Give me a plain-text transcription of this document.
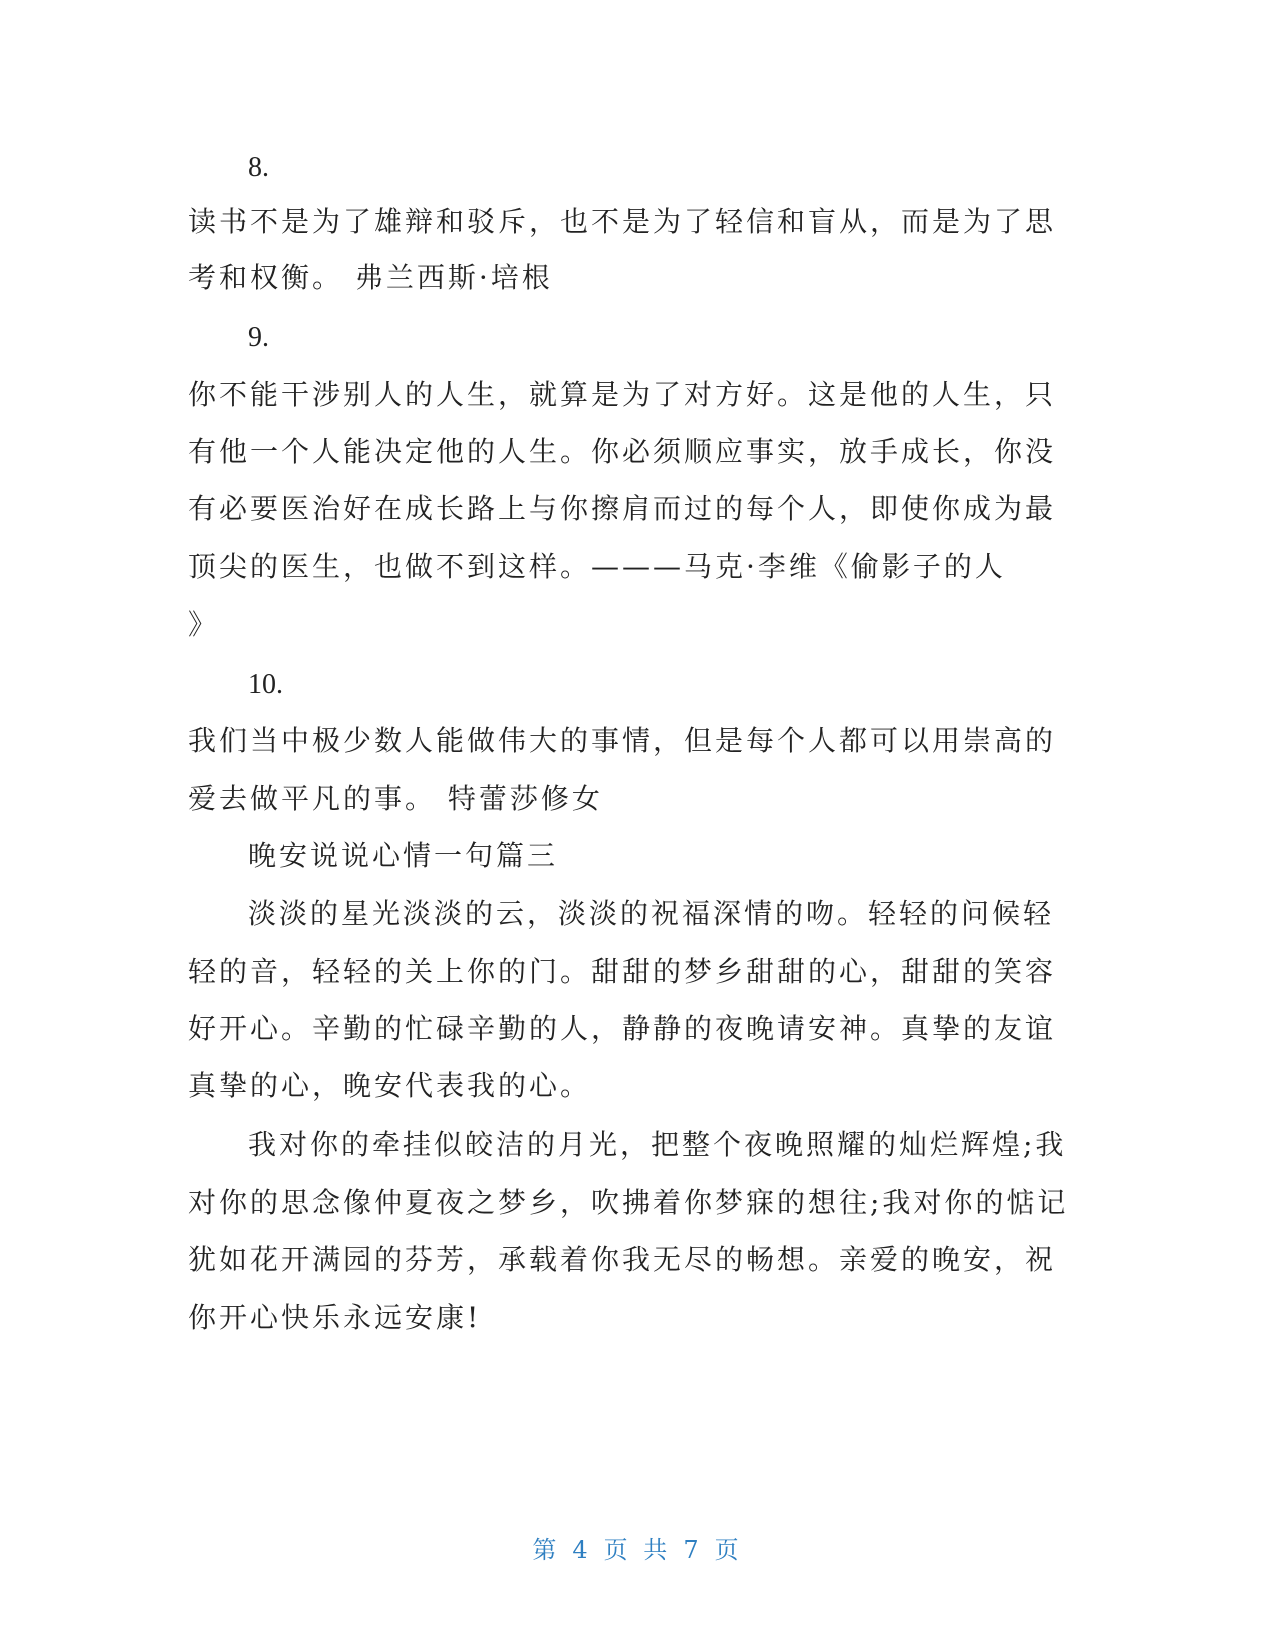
8.

读书不是为了雄辩和驳斥，也不是为了轻信和盲从，而是为了思

考和权衡。 弗兰西斯·培根

9.

你不能干涉别人的人生，就算是为了对方好。这是他的人生，只

有他一个人能决定他的人生。你必须顺应事实，放手成长，你没

有必要医治好在成长路上与你擦肩而过的每个人，即使你成为最

顶尖的医生，也做不到这样。———马克·李维《偷影子的人

》

10.

我们当中极少数人能做伟大的事情，但是每个人都可以用崇高的

爱去做平凡的事。 特蕾莎修女

晚安说说心情一句篇三

淡淡的星光淡淡的云，淡淡的祝福深情的吻。轻轻的问候轻

轻的音，轻轻的关上你的门。甜甜的梦乡甜甜的心，甜甜的笑容

好开心。辛勤的忙碌辛勤的人，静静的夜晚请安神。真挚的友谊

真挚的心，晚安代表我的心。

我对你的牵挂似皎洁的月光，把整个夜晚照耀的灿烂辉煌;我

对你的思念像仲夏夜之梦乡，吹拂着你梦寐的想往;我对你的惦记

犹如花开满园的芬芳，承载着你我无尽的畅想。亲爱的晚安，祝

你开心快乐永远安康!

第 4 页 共 7 页
